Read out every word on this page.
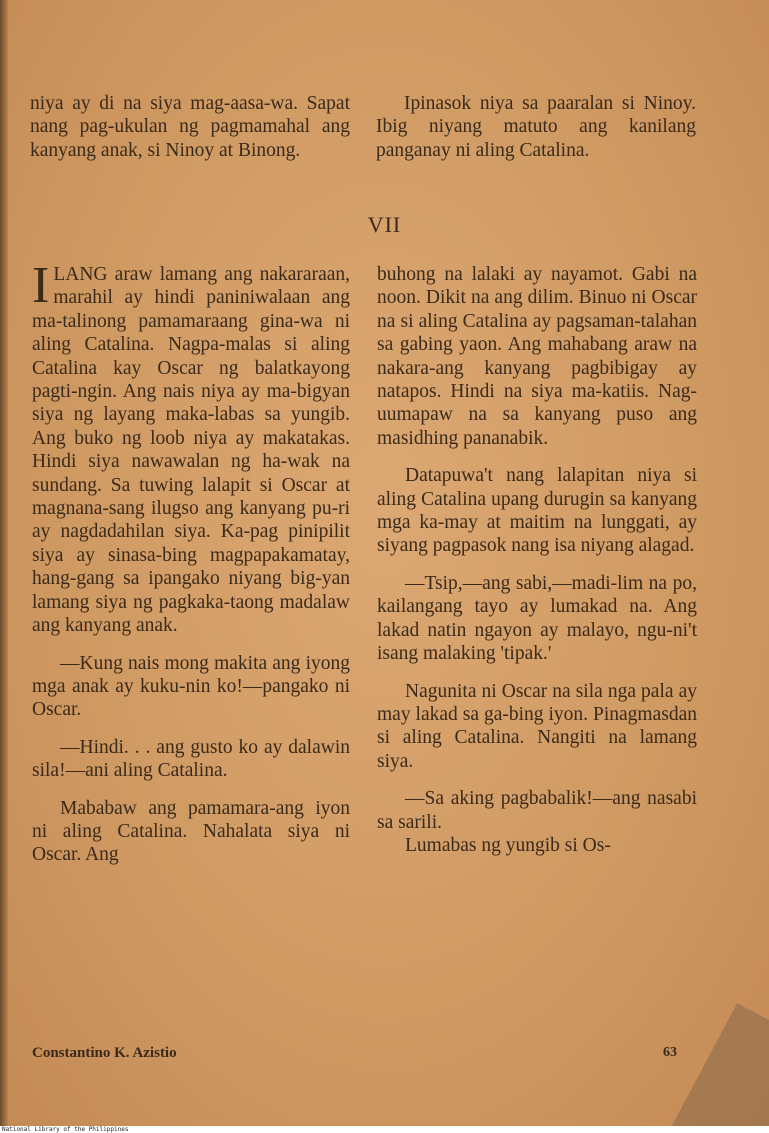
niya ay di na siya mag-aasa-wa. Sapat nang pag-ukulan ng pagmamahal ang kanyang anak, si Ninoy at Binong.

Ipinasok niya sa paaralan si Ninoy. Ibig niyang matuto ang kanilang panganay ni aling Catalina.

VII

ILANG araw lamang ang nakararaan, marahil ay hindi paniniwalaan ang ma-talinong pamamaraang gina-wa ni aling Catalina. Nagpa-malas si aling Catalina kay Oscar ng balatkayong pagti-ngin. Ang nais niya ay ma-bigyan siya ng layang maka-labas sa yungib. Ang buko ng loob niya ay makatakas. Hindi siya nawawalan ng ha-wak na sundang. Sa tuwing lalapit si Oscar at magnana-sang ilugso ang kanyang pu-ri ay nagdadahilan siya. Ka-pag pinipilit siya ay sinasa-bing magpapakamatay, hang-gang sa ipangako niyang big-yan lamang siya ng pagkaka-taong madalaw ang kanyang anak.

—Kung nais mong makita ang iyong mga anak ay kuku-nin ko!—pangako ni Oscar.

—Hindi. . . ang gusto ko ay dalawin sila!—ani aling Catalina.

Mababaw ang pamamara-ang iyon ni aling Catalina. Nahalata siya ni Oscar. Ang

buhong na lalaki ay nayamot. Gabi na noon. Dikit na ang dilim. Binuo ni Oscar na si aling Catalina ay pagsaman-talahan sa gabing yaon. Ang mahabang araw na nakara-ang kanyang pagbibigay ay natapos. Hindi na siya ma-katiis. Nag-uumapaw na sa kanyang puso ang masidhing pananabik.

Datapuwa't nang lalapitan niya si aling Catalina upang durugin sa kanyang mga ka-may at maitim na lunggati, ay siyang pagpasok nang isa niyang alagad.

—Tsip,—ang sabi,—madi-lim na po, kailangang tayo ay lumakad na. Ang lakad natin ngayon ay malayo, ngu-ni't isang malaking 'tipak.'

Nagunita ni Oscar na sila nga pala ay may lakad sa ga-bing iyon. Pinagmasdan si aling Catalina. Nangiti na lamang siya.

—Sa aking pagbabalik!—ang nasabi sa sarili.

Lumabas ng yungib si Os-

Constantino K. Azistio	63
National Library of the Philippines
